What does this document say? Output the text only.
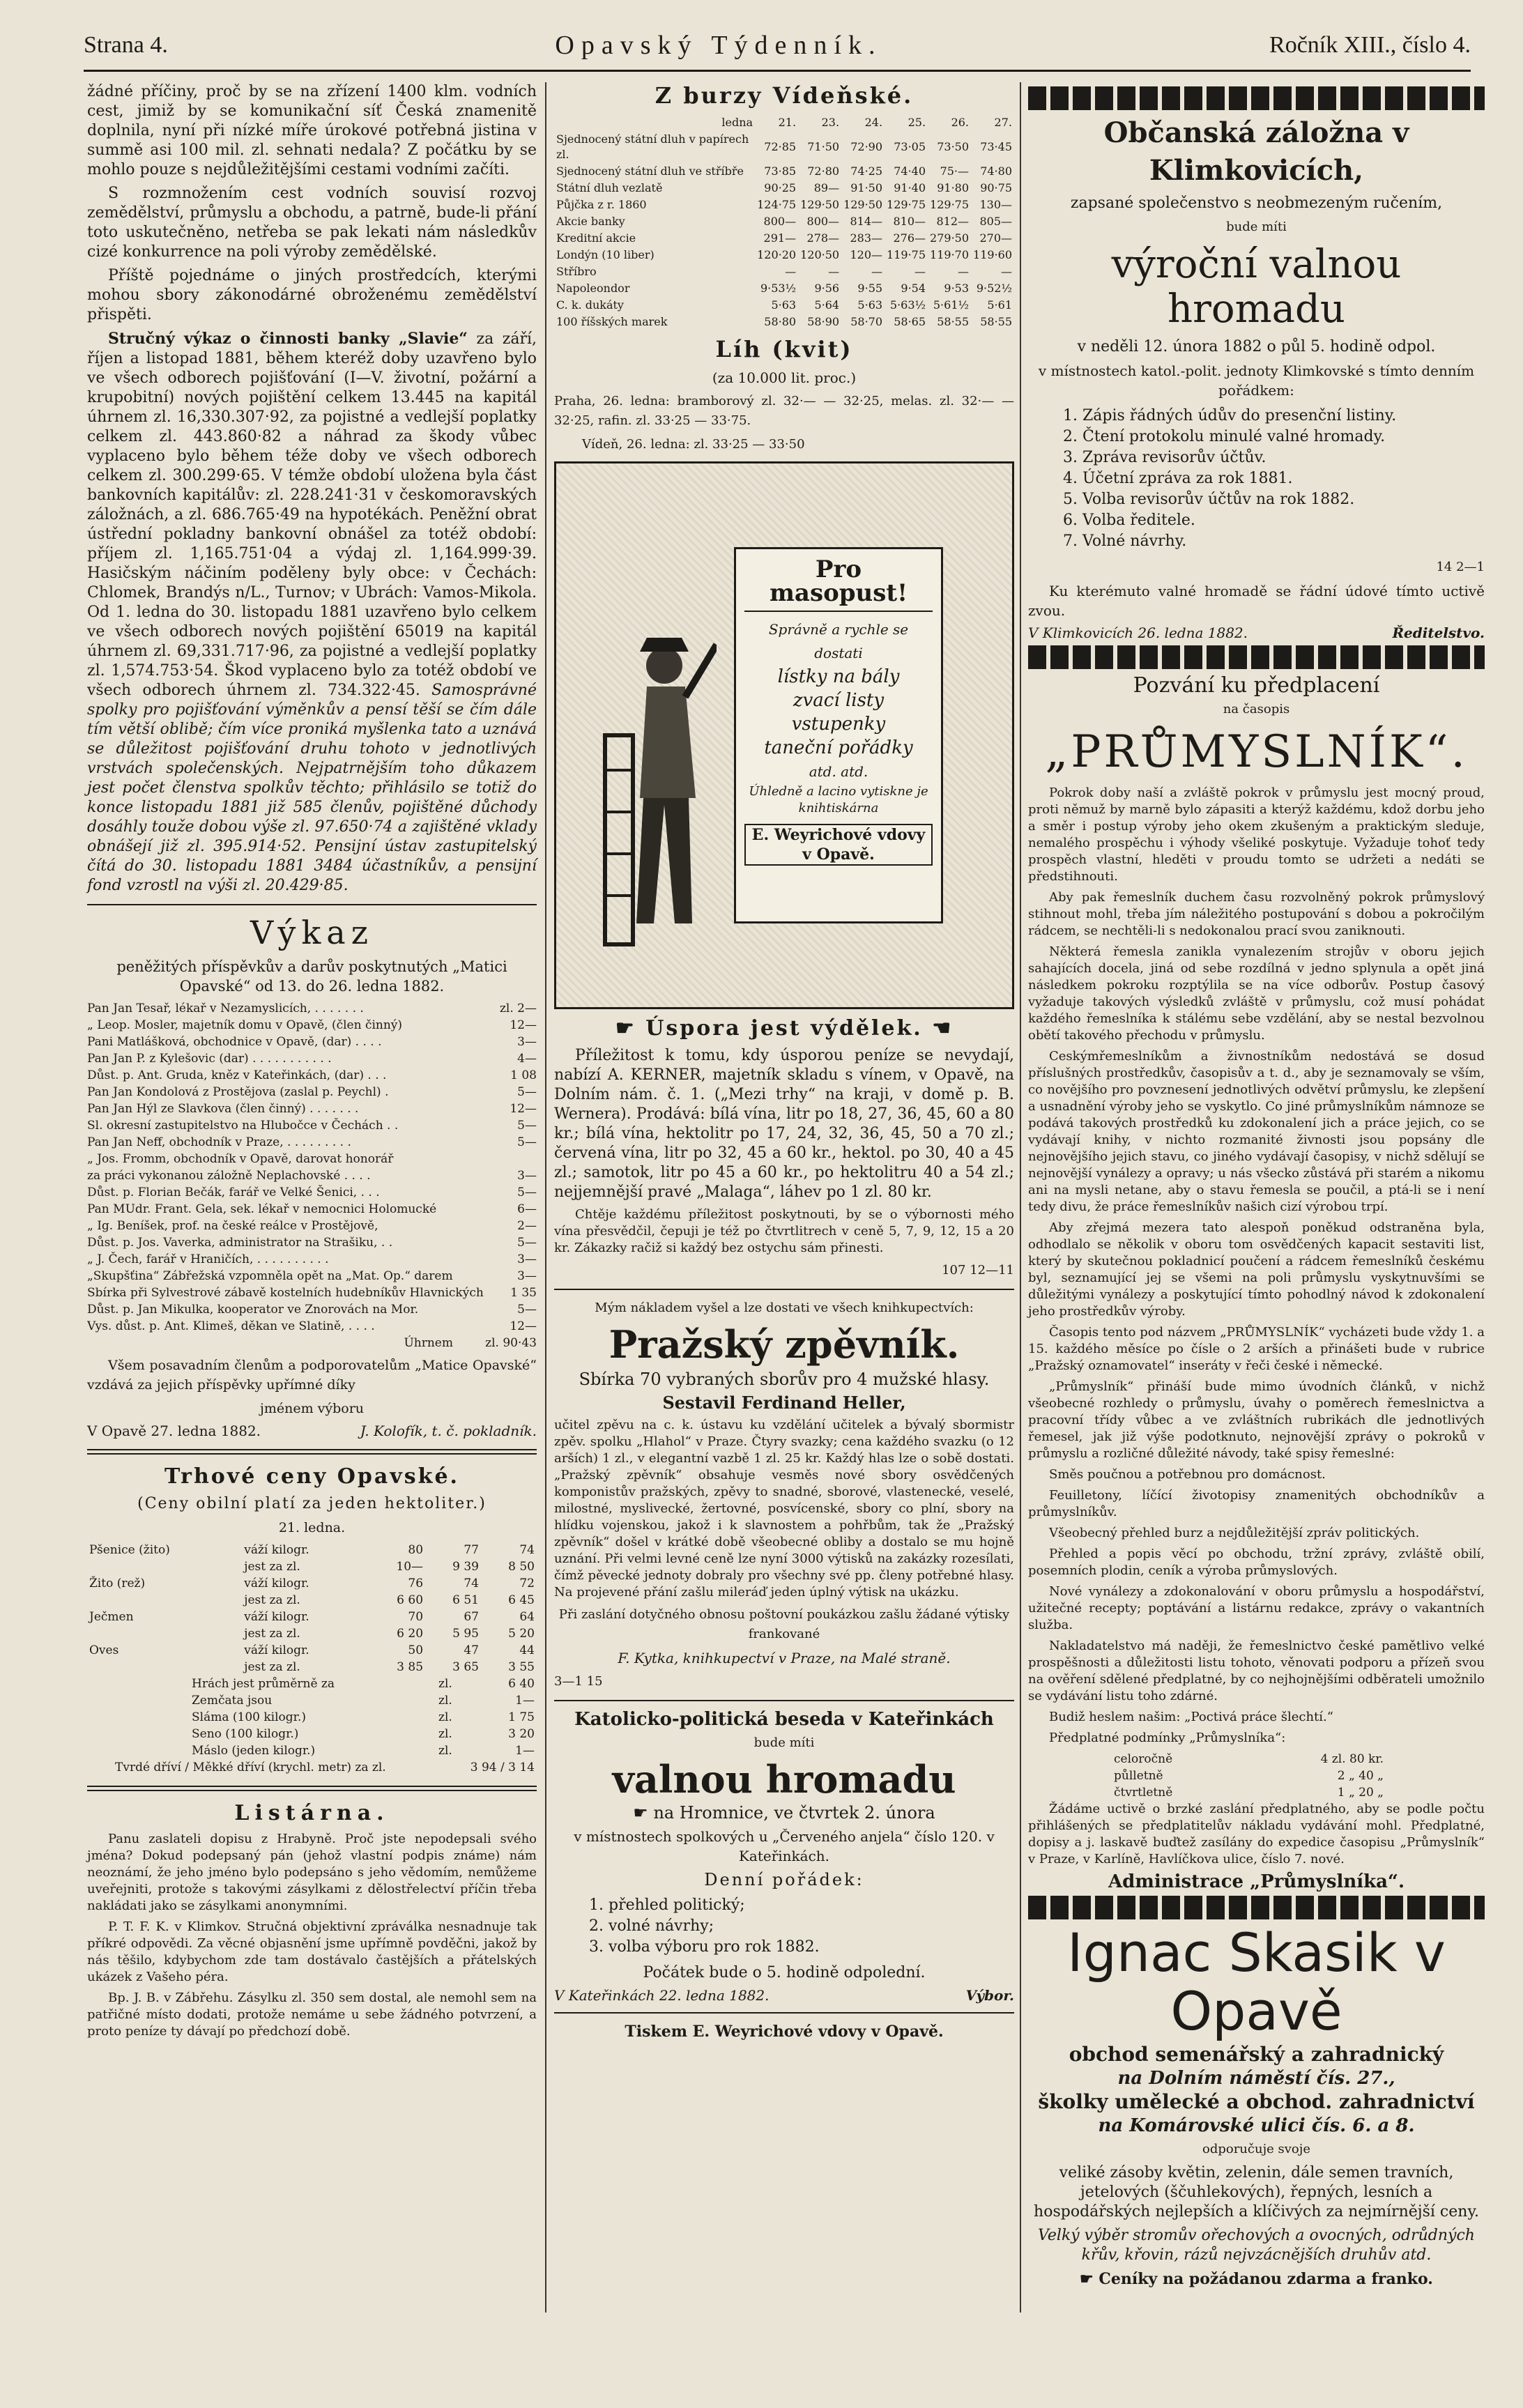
Strana 4.	Opavský Týdenník.	Ročník XIII., číslo 4.

žádné příčiny, proč by se na zřízení 1400 klm. vodních cest, jimiž by se komunikační síť Česká znamenitě doplnila, nyní při nízké míře úrokové potřebná jistina v summě asi 100 mil. zl. sehnati nedala? Z počátku by se mohlo pouze s nejdůležitějšími cestami vodními začíti.

S rozmnožením cest vodních souvisí rozvoj zemědělství, průmyslu a obchodu, a patrně, bude-li přání toto uskutečněno, netřeba se pak lekati nám následkův cizé konkurrence na poli výroby zemědělské.

Příště pojednáme o jiných prostředcích, kterými mohou sbory zákonodárné obroženému zemědělství přispěti.

Stručný výkaz o činnosti banky „Slavie“ za září, říjen a listopad 1881, během kteréž doby uzavřeno bylo ve všech odborech pojišťování (I—V. životní, požární a krupobitní) nových pojištění celkem 13.445 na kapitál úhrnem zl. 16,330.307·92, za pojistné a vedlejší poplatky celkem zl. 443.860·82 a náhrad za škody vůbec vyplaceno bylo během téže doby ve všech odborech celkem zl. 300.299·65. V témže období uložena byla část bankovních kapitálův: zl. 228.241·31 v českomoravských záložnách, a zl. 686.765·49 na hypotékách. Peněžní obrat ústřední pokladny bankovní obnášel za totéž období: příjem zl. 1,165.751·04 a výdaj zl. 1,164.999·39. Hasičským náčiním poděleny byly obce: v Čechách: Chlomek, Brandýs n/L., Turnov; v Ubrách: Vamos-Mikola. Od 1. ledna do 30. listopadu 1881 uzavřeno bylo celkem ve všech odborech nových pojištění 65019 na kapitál úhrnem zl. 69,331.717·96, za pojistné a vedlejší poplatky zl. 1,574.753·54. Škod vyplaceno bylo za totéž období ve všech odborech úhrnem zl. 734.322·45. Samosprávné spolky pro pojišťování výměnkův a pensí těší se čím dále tím větší oblibě; čím více proniká myšlenka tato a uznává se důležitost pojišťování druhu tohoto v jednotlivých vrstvách společenských. Nejpatrnějším toho důkazem jest počet členstva spolkův těchto; přihlásilo se totiž do konce listopadu 1881 již 585 členův, pojištěné důchody dosáhly touže dobou výše zl. 97.650·74 a zajištěné vklady obnášejí již zl. 395.914·52. Pensijní ústav zastupitelský čítá do 30. listopadu 1881 3484 účastníkův, a pensijní fond vzrostl na výši zl. 20.429·85.

Výkaz

peněžitých příspěvkův a darův poskytnutých „Matici Opavské“ od 13. do 26. ledna 1882.

Pan Jan Tesař, lékař v Nezamyslicích, . . . . . . .	zl. 2—
„ Leop. Mosler, majetník domu v Opavě, (člen činný)	12—
Pani Matlášková, obchodnice v Opavě, (dar) . . . .	3—
Pan Jan P. z Kylešovic (dar) . . . . . . . . . . .	4—
Důst. p. Ant. Gruda, kněz v Kateřinkách, (dar) . . .	1 08
Pan Jan Kondolová z Prostějova (zaslal p. Peychl) .	5—
Pan Jan Hýl ze Slavkova (člen činný) . . . . . . .	12—
Sl. okresní zastupitelstvo na Hlubočce v Čechách . .	5—
Pan Jan Neff, obchodník v Praze, . . . . . . . . .	5—
„ Jos. Fromm, obchodník v Opavě, darovat honorář
za práci vykonanou záložně Neplachovské . . . .	3—
Důst. p. Florian Bečák, farář ve Velké Šenici, . . .	5—
Pan MUdr. Frant. Gela, sek. lékař v nemocnici Holomucké	6—
„ Ig. Beníšek, prof. na české reálce v Prostějově,	2—
Důst. p. Jos. Vaverka, administrator na Strašiku, . .	5—
„ J. Čech, farář v Hraničích, . . . . . . . . . .	3—
„Skupšťina“ Zábřežská vzpomněla opět na „Mat. Op.“ darem	3—
Sbírka při Sylvestrové zábavě kostelních hudebníkův Hlavnických	1 35
Důst. p. Jan Mikulka, kooperator ve Znorovách na Mor.	5—
Vys. důst. p. Ant. Klimeš, děkan ve Slatině, . . . .	12—
Úhrnem	zl. 90·43

Všem posavadním členům a podporovatelům „Matice Opavské“ vzdává za jejich příspěvky upřímné díky

jménem výboru

V Opavě 27. ledna 1882.	J. Kolofík, t. č. pokladník.
Trhové ceny Opavské.

(Ceny obilní platí za jeden hektoliter.)

21. ledna.

Pšenice (žito)	váží kilogr.	80	77	74
	jest za zl.	10—	9 39	8 50
Žito (rež)	váží kilogr.	76	74	72
	jest za zl.	6 60	6 51	6 45
Ječmen	váží kilogr.	70	67	64
	jest za zl.	6 20	5 95	5 20
Oves	váží kilogr.	50	47	44
	jest za zl.	3 85	3 65	3 55
Hrách jest průměrně za	zl.	6 40
Zemčata jsou	zl.	1—
Sláma (100 kilogr.)	zl.	1 75
Seno (100 kilogr.)	zl.	3 20
Máslo (jeden kilogr.)	zl.	1—
Tvrdé dříví / Měkké dříví (krychl. metr) za zl.		3 94 / 3 14
Listárna.

Panu zaslateli dopisu z Hrabyně. Proč jste nepodepsali svého jména? Dokud podepsaný pán (jehož vlastní podpis známe) nám neoznámí, že jeho jméno bylo podepsáno s jeho vědomím, nemůžeme uveřejniti, protože s takovými zásylkami z dělostřelectví příčin třeba nakládati jako se zásylkami anonymními.

P. T. F. K. v Klimkov. Stručná objektivní zpráválka nesnadnuje tak příkré odpovědi. Za věcné objasnění jsme upřímně povděčni, jakož by nás těšilo, kdybychom zde tam dostávalo častějších a přátelských ukázek z Vašeho péra.

Bp. J. B. v Zábřehu. Zásylku zl. 350 sem dostal, ale nemohl sem na patřičné místo dodati, protože nemáme u sebe žádného potvrzení, a proto peníze ty dávají po předchozí době.

Z burzy Vídeňské.
ledna	21.	23.	24.	25.	26.	27.
Sjednocený státní dluh v papírech zl.	72·85	71·50	72·90	73·05	73·50	73·45
Sjednocený státní dluh ve stříbře	73·85	72·80	74·25	74·40	75·—	74·80
Státní dluh vezlatě	90·25	89—	91·50	91·40	91·80	90·75
Půjčka z r. 1860	124·75	129·50	129·50	129·75	129·75	130—
Akcie banky	800—	800—	814—	810—	812—	805—
Kreditní akcie	291—	278—	283—	276—	279·50	270—
Londýn (10 liber)	120·20	120·50	120—	119·75	119·70	119·60
Stříbro	—	—	—	—	—	—
Napoleondor	9·53½	9·56	9·55	9·54	9·53	9·52½
C. k. dukáty	5·63	5·64	5·63	5·63½	5·61½	5·61
100 říšských marek	58·80	58·90	58·70	58·65	58·55	58·55
Líh (kvit)

(za 10.000 lit. proc.)

Praha, 26. ledna: bramborový zl. 32·— — 32·25, melas. zl. 32·— — 32·25, rafin. zl. 33·25 — 33·75.

Vídeň, 26. ledna: zl. 33·25 — 33·50

Pro masopust!
Správně a rychle se dostati
lístky na bály
zvací listy
vstupenky
taneční pořádky
atd. atd.
Úhledně a lacino vytiskne je knihtiskárna
E. Weyrichové vdovy v Opavě.
☛ Úspora jest výdělek. ☚

Příležitost k tomu, kdy úsporou peníze se nevydají, nabízí A. KERNER, majetník skladu s vínem, v Opavě, na Dolním nám. č. 1. („Mezi trhy“ na kraji, v domě p. B. Wernera). Prodává: bílá vína, litr po 18, 27, 36, 45, 60 a 80 kr.; bílá vína, hektolitr po 17, 24, 32, 36, 45, 50 a 70 zl.; červená vína, litr po 32, 45 a 60 kr., hektol. po 30, 40 a 45 zl.; samotok, litr po 45 a 60 kr., po hektolitru 40 a 54 zl.; nejjemnější pravé „Malaga“, láhev po 1 zl. 80 kr.

Chtěje každému příležitost poskytnouti, by se o výbornosti mého vína přesvědčil, čepuji je též po čtvrtlitrech v ceně 5, 7, 9, 12, 15 a 20 kr. Zákazky račiž si každý bez ostychu sám přinesti.

107 12—11

Mým nákladem vyšel a lze dostati ve všech knihkupectvích:

Pražský zpěvník.

Sbírka 70 vybraných sborův pro 4 mužské hlasy.

Sestavil Ferdinand Heller,

učitel zpěvu na c. k. ústavu ku vzdělání učitelek a bývalý sbormistr zpěv. spolku „Hlahol“ v Praze. Čtyry svazky; cena každého svazku (o 12 arších) 1 zl., v elegantní vazbě 1 zl. 25 kr. Každý hlas lze o sobě dostati. „Pražský zpěvník“ obsahuje vesměs nové sbory osvědčených komponistův pražských, zpěvy to snadné, sborové, vlastenecké, veselé, milostné, myslivecké, žertovné, posvícenské, sbory co plní, sbory na hlídku vojenskou, jakož i k slavnostem a pohřbům, tak že „Pražský zpěvník“ došel v krátké době všeobecné obliby a dostalo se mu hojně uznání. Při velmi levné ceně lze nyní 3000 výtisků na zakázky rozesílati, čímž pěvecké jednoty dobraly pro všechny své pp. členy potřebné hlasy. Na projevené přání zašlu mileráď jeden úplný výtisk na ukázku.

Při zaslání dotyčného obnosu poštovní poukázkou zašlu žádané výtisky frankované

F. Kytka, knihkupectví v Praze, na Malé straně.

3—1 15

Katolicko-politická beseda v Kateřinkách

bude míti

valnou hromadu

☛ na Hromnice, ve čtvrtek 2. února

v místnostech spolkových u „Červeného anjela“ číslo 120. v Kateřinkách.

Denní pořádek:

1. přehled politický;
2. volné návrhy;
3. volba výboru pro rok 1882.

Počátek bude o 5. hodině odpolední.

V Kateřinkách 22. ledna 1882.	Výbor.

Tiskem E. Weyrichové vdovy v Opavě.

Občanská záložna v Klimkovicích,

zapsané společenstvo s neobmezeným ručením,

bude míti

výroční valnou hromadu

v neděli 12. února 1882 o půl 5. hodině odpol.

v místnostech katol.-polit. jednoty Klimkovské s tímto denním pořádkem:

1. Zápis řádných údův do presenční listiny.
2. Čtení protokolu minulé valné hromady.
3. Zpráva revisorův účtův.
4. Účetní zpráva za rok 1881.
5. Volba revisorův účtův na rok 1882.
6. Volba ředitele.
7. Volné návrhy.

14 2—1

Ku kterémuto valné hromadě se řádní údové tímto uctivě zvou.

V Klimkovicích 26. ledna 1882.	Ředitelstvo.

Pozvání ku předplacení

na časopis

„PRŮMYSLNÍK“.

Pokrok doby naší a zvláště pokrok v průmyslu jest mocný proud, proti němuž by marně bylo zápasiti a kterýž každému, kdož dorbu jeho a směr i postup výroby jeho okem zkušeným a praktickým sleduje, nemalého prospěchu i výhody všeliké poskytuje. Vyžaduje tohoť tedy prospěch vlastní, hleděti v proudu tomto se udržeti a nedáti se předstihnouti.

Aby pak řemeslník duchem času rozvolněný pokrok průmyslový stihnout mohl, třeba jím náležitého postupování s dobou a pokročilým rádcem, se nechtěli-li s nedokonalou prací svou zaniknouti.

Některá řemesla zanikla vynalezením strojův v oboru jejich sahajících docela, jiná od sebe rozdílná v jedno splynula a opět jiná následkem pokroku rozptýlila se na více odborův. Postup časový vyžaduje takových výsledků zvláště v průmyslu, což musí pohádat každého řemeslníka k stálému sebe vzdělání, aby se nestal bezvolnou obětí takového přechodu v průmyslu.

Ceskýmřemeslníkům a živnostníkům nedostává se dosud příslušných prostředkův, časopisův a t. d., aby je seznamovaly se vším, co novějšího pro povznesení jednotlivých odvětví průmyslu, ke zlepšení a usnadnění výroby jeho se vyskytlo. Co jiné průmyslníkům námnoze se podává takových prostředků ku zdokonalení jich a práce jejich, co se vydávají knihy, v nichto rozmanité živnosti jsou popsány dle nejnovějšího jejich stavu, co jiného vydávají časopisy, v nichž sdělují se nejnovější vynálezy a opravy; u nás všecko zůstává při starém a nikomu ani na mysli netane, aby o stavu řemesla se poučil, a ptá-li se i není tedy divu, že práce řemeslníkův našich cizí výrobou trpí.

Aby zřejmá mezera tato alespoň poněkud odstraněna byla, odhodlalo se několik v oboru tom osvědčených kapacit sestaviti list, který by skutečnou pokladnicí poučení a rádcem řemeslníků českému byl, seznamující jej se všemi na poli průmyslu vyskytnuvšími se důležitými vynálezy a poskytující tímto pohodlný návod k zdokonalení jeho prostředkův výroby.

Časopis tento pod názvem „PRŮMYSLNÍK“ vycházeti bude vždy 1. a 15. každého měsíce po čísle o 2 arších a přinášeti bude v rubrice „Pražský oznamovatel“ inseráty v řeči české i německé.

„Průmyslník“ přináší bude mimo úvodních článků, v nichž všeobecné rozhledy o průmyslu, úvahy o poměrech řemeslnictva a pracovní třídy vůbec a ve zvláštních rubrikách dle jednotlivých řemesel, jak již výše podotknuto, nejnovější zprávy o pokroků v průmyslu a rozličné důležité návody, také spisy řemeslné:

Směs poučnou a potřebnou pro domácnost.

Feuilletony, líčící životopisy znamenitých obchodníkův a průmyslníkův.

Všeobecný přehled burz a nejdůležitější zpráv politických.

Přehled a popis věcí po obchodu, tržní zprávy, zvláště obilí, posemních plodin, ceník a výroba průmyslových.

Nové vynálezy a zdokonalování v oboru průmyslu a hospodářství, užitečné recepty; poptávání a listárnu redakce, zprávy o vakantních služba.

Nakladatelstvo má naději, že řemeslnictvo české pamětlivo velké prospěšnosti a důležitosti listu tohoto, věnovati podporu a přízeň svou na ověření sdělené předplatné, by co nejhojnějšími odběrateli umožnilo se vydávání listu toho zdárné.

Budiž heslem našim: „Poctivá práce šlechtí.“

Předplatné podmínky „Průmyslníka“:

celoročně	4 zl. 80 kr.
půlletně	2 „ 40 „
čtvrtletně	1 „ 20 „

Žádáme uctivě o brzké zaslání předplatného, aby se podle počtu přihlášených se předplatitelův nákladu vydávání mohl. Předplatné, dopisy a j. laskavě buďtež zasílány do expedice časopisu „Průmyslník“ v Praze, v Karlíně, Havlíčkova ulice, číslo 7. nové.

Administrace „Průmyslníka“.

Ignac Skasik v Opavě

obchod semenářský a zahradnický

na Dolním náměstí čís. 27.,

školky umělecké a obchod. zahradnictví

na Komárovské ulici čís. 6. a 8.

odporučuje svoje

veliké zásoby květin, zelenin, dále semen travních, jetelových (ščuhlekových), řepných, lesních a hospodářských nejlepších a klíčivých za nejmírnější ceny.

Velký výběr stromův ořechových a ovocných, odrůdných křův, křovin, rázů nejvzácnějších druhův atd.

☛ Ceníky na požádanou zdarma a franko.
